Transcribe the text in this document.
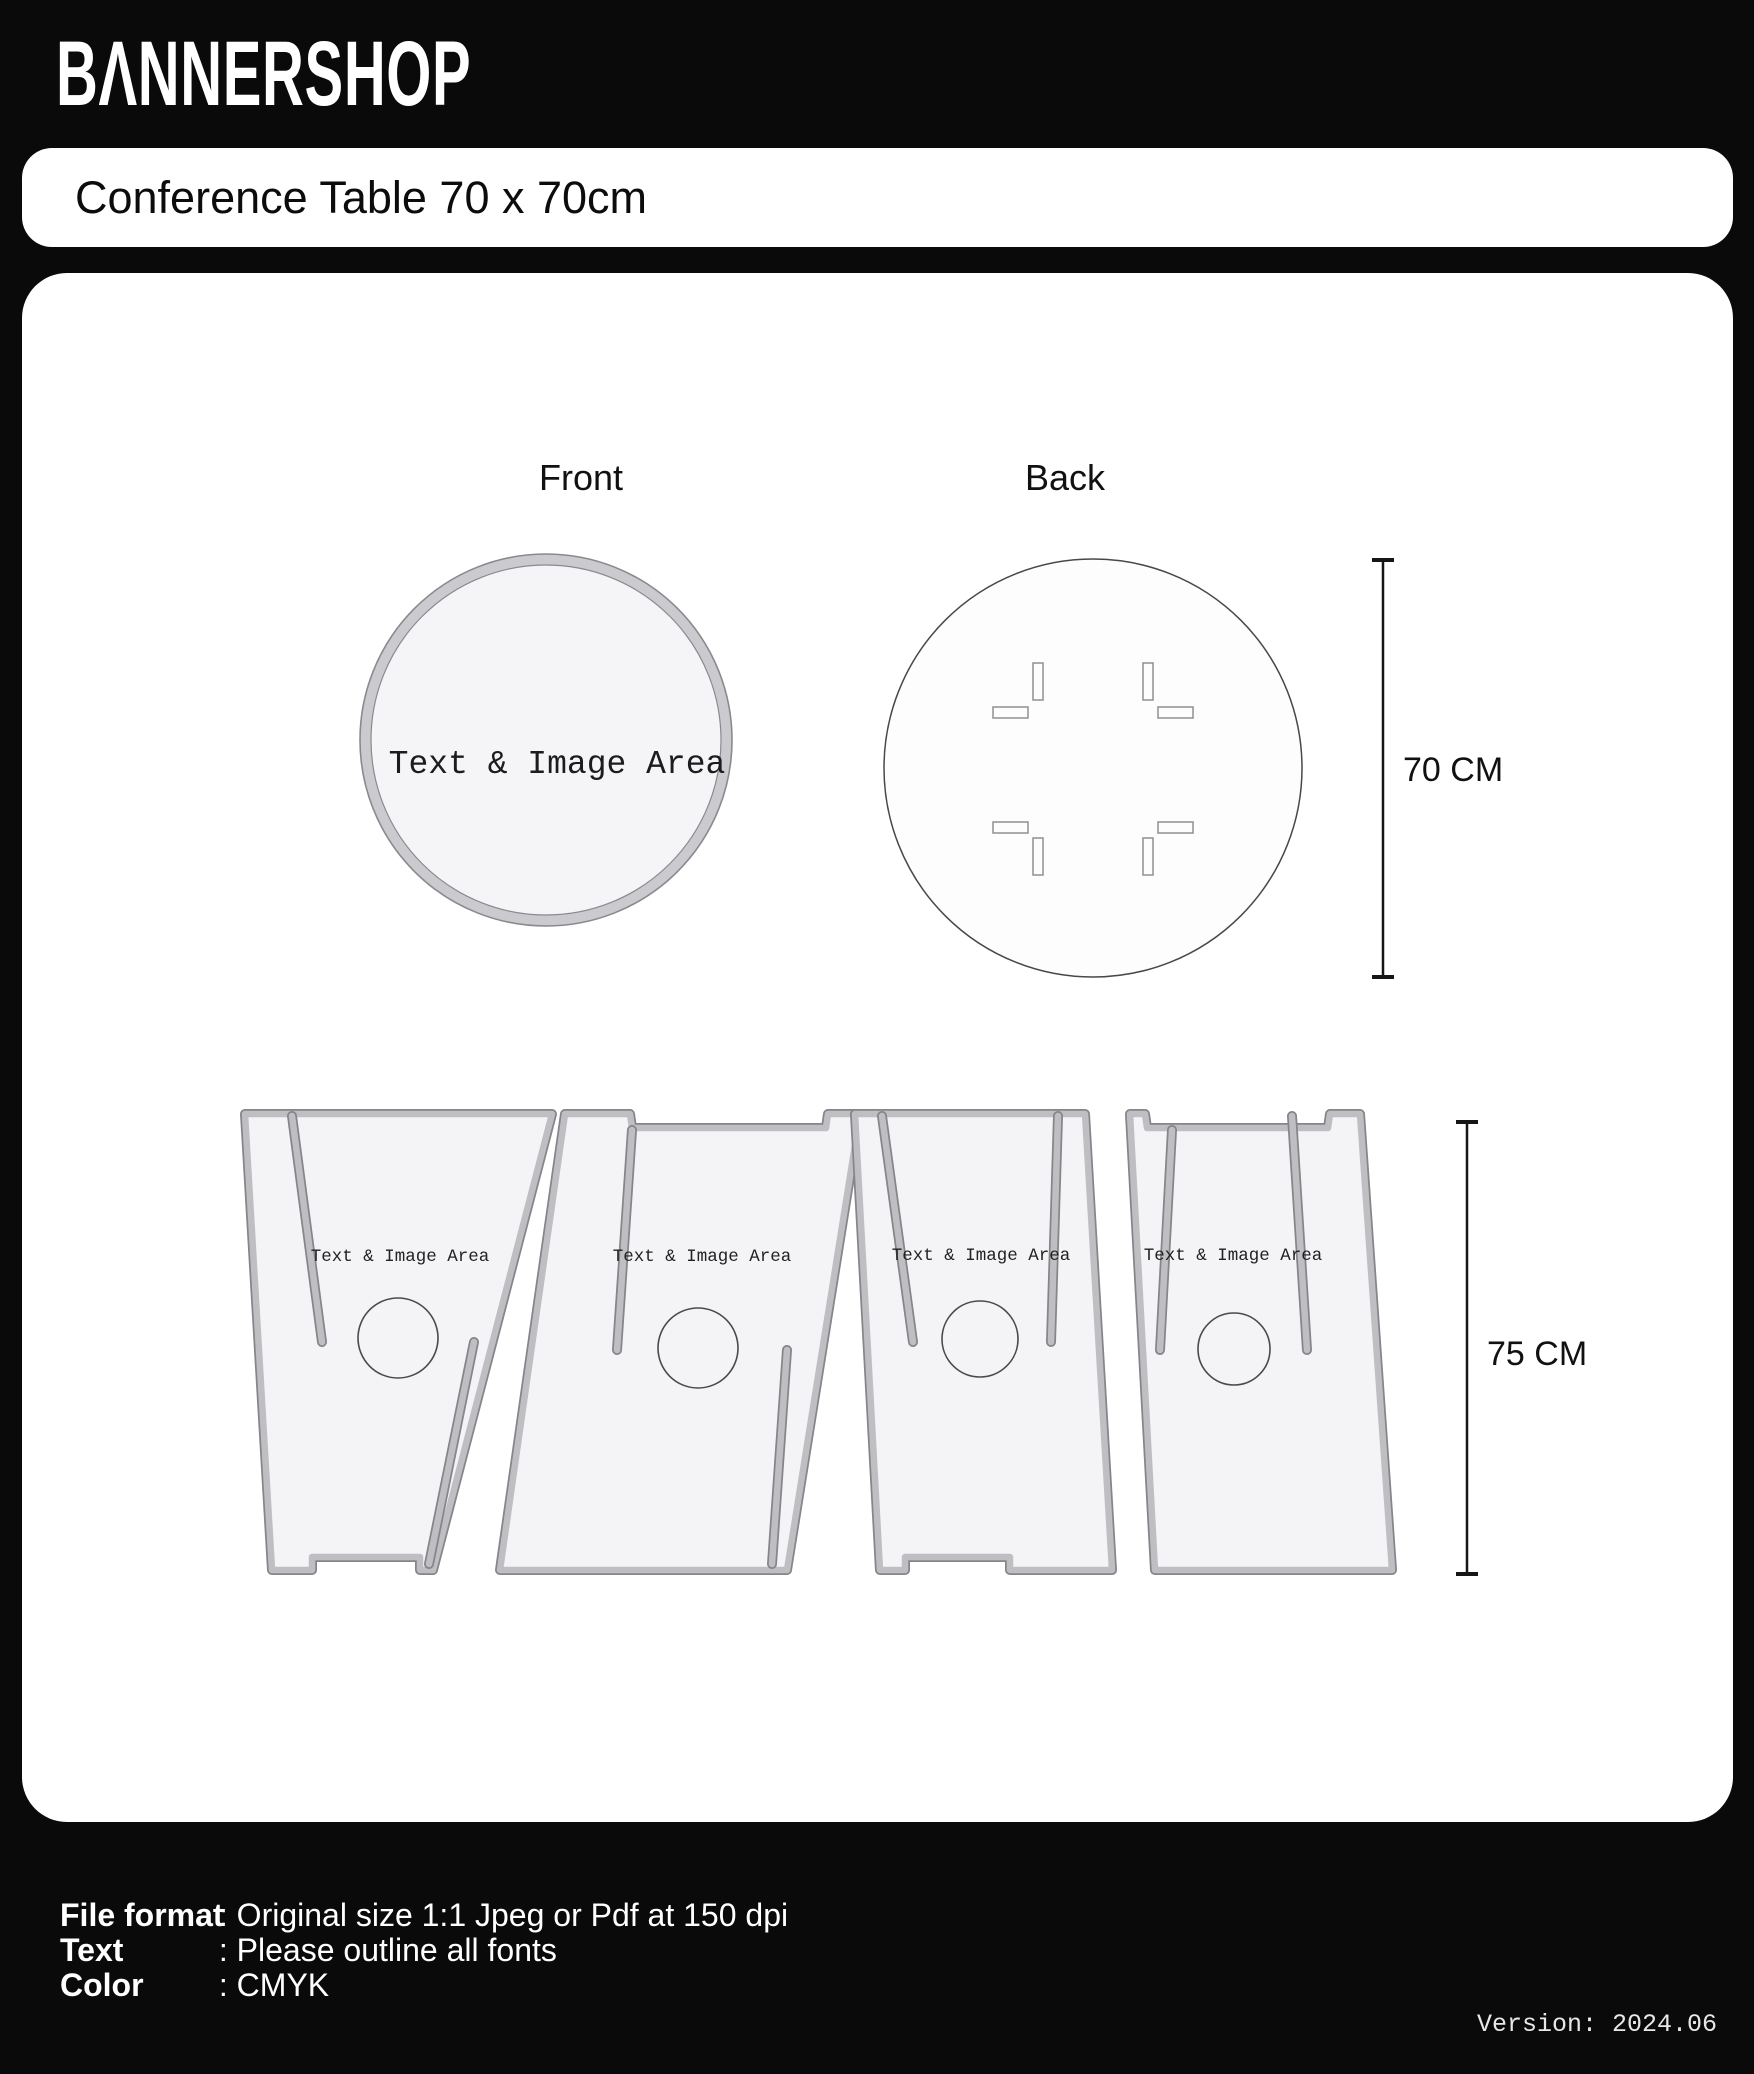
BΛNNERSHOP
Conference Table 70 x 70cm
Front	Back
Text & Image Area	70 CM
Text & Image Area	Text & Image Area	Text & Image Area	Text & Image Area
75 CM
File format : Original size 1:1 Jpeg or Pdf at 150 dpi
Text	: Please outline all fonts
Color : CMYK
Version: 2024.06
